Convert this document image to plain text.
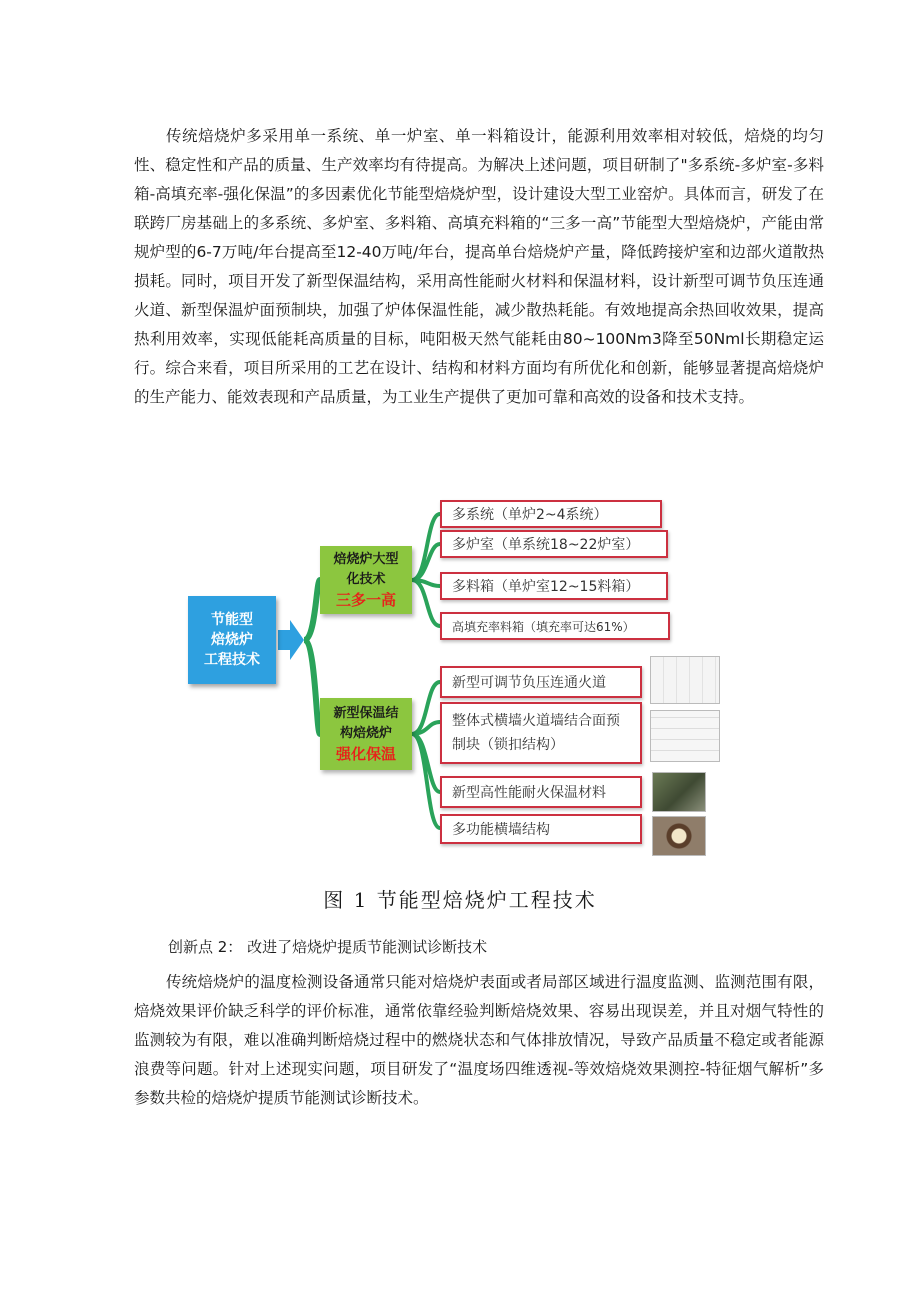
传统焙烧炉多采用单一系统、单一炉室、单一料箱设计，能源利用效率相对较低，焙烧的均匀性、稳定性和产品的质量、生产效率均有待提高。为解决上述问题，项目研制了"多系统-多炉室-多料箱-高填充率-强化保温”的多因素优化节能型焙烧炉型，设计建设大型工业窑炉。具体而言，研发了在联跨厂房基础上的多系统、多炉室、多料箱、高填充料箱的“三多一高”节能型大型焙烧炉，产能由常规炉型的6-7万吨/年台提高至12-40万吨/年台，提高单台焙烧炉产量，降低跨接炉室和边部火道散热损耗。同时，项目开发了新型保温结构，采用高性能耐火材料和保温材料，设计新型可调节负压连通火道、新型保温炉面预制块，加强了炉体保温性能，减少散热耗能。有效地提高余热回收效果，提高热利用效率，实现低能耗高质量的目标，吨阳极天然气能耗由80~100Nm3降至50Nml长期稳定运行。综合来看，项目所采用的工艺在设计、结构和材料方面均有所优化和创新，能够显著提高焙烧炉的生产能力、能效表现和产品质量，为工业生产提供了更加可靠和高效的设备和技术支持。

节能型
焙烧炉
工程技术
焙烧炉大型
化技术
三多一高
新型保温结
构焙烧炉
强化保温
多系统（单炉2~4系统）
多炉室（单系统18~22炉室）
多料箱（单炉室12~15料箱）
高填充率料箱（填充率可达61%）
新型可调节负压连通火道
整体式横墙火道墙结合面预制块（锁扣结构）
新型高性能耐火保温材料
多功能横墙结构
图 1 节能型焙烧炉工程技术

创新点 2： 改进了焙烧炉提质节能测试诊断技术

传统焙烧炉的温度检测设备通常只能对焙烧炉表面或者局部区域进行温度监测、监测范围有限，焙烧效果评价缺乏科学的评价标准，通常依靠经验判断焙烧效果、容易出现误差，并且对烟气特性的监测较为有限，难以准确判断焙烧过程中的燃烧状态和气体排放情况，导致产品质量不稳定或者能源浪费等问题。针对上述现实问题，项目研发了“温度场四维透视-等效焙烧效果测控-特征烟气解析”多参数共检的焙烧炉提质节能测试诊断技术。
